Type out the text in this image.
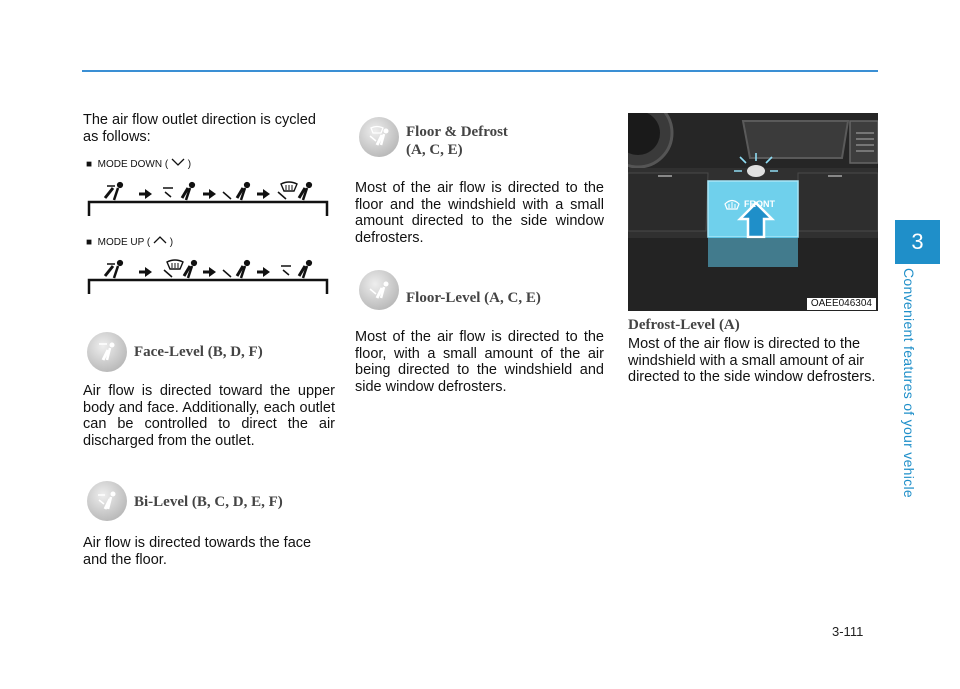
3
Convenient features of your vehicle

The air flow outlet direction is cycled as follows:

■ MODE DOWN ( )
■ MODE UP ( )
Face-Level (B, D, F)

Air flow is directed toward the upper body and face. Additionally, each outlet can be controlled to direct the air discharged from the outlet.

Bi-Level (B, C, D, E, F)

Air flow is directed towards the face and the floor.

Floor & Defrost
(A, C, E)

Most of the air flow is directed to the floor and the windshield with a small amount directed to the side window defrosters.

Floor-Level (A, C, E)

Most of the air flow is directed to the floor, with a small amount of the air being directed to the windshield and side window defrosters.

FRONT
OAEE046304
Defrost-Level (A)

Most of the air flow is directed to the windshield with a small amount of air directed to the side window defrosters.

3-111
